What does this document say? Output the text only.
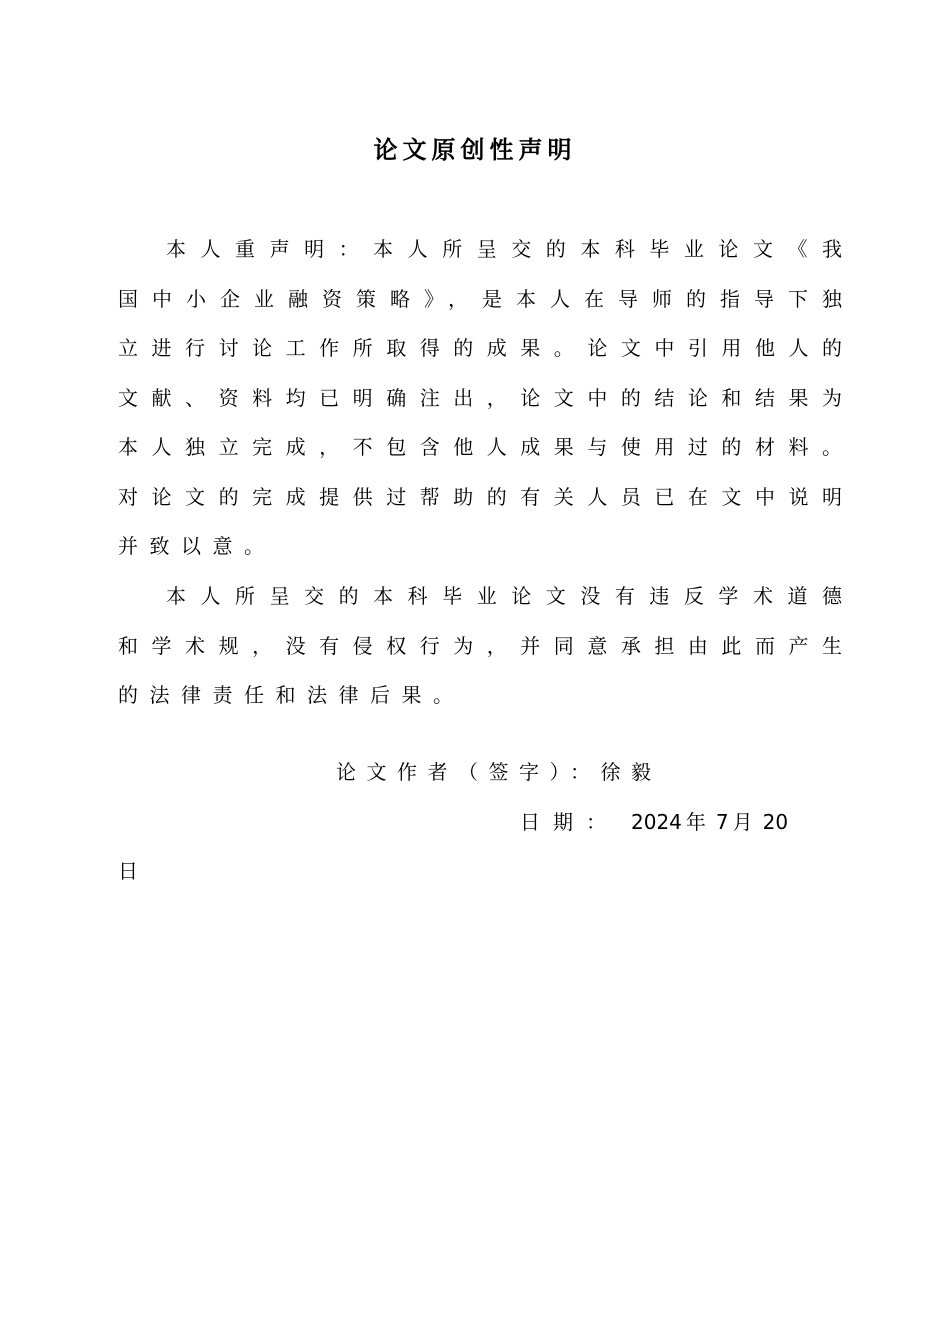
论文原创性声明
本人重声明：本人所呈交的本科毕业论文《我
国中小企业融资策略》，是本人在导师的指导下独
立进行讨论工作所取得的成果。论文中引用他人的
文献、资料均已明确注出，论文中的结论和结果为
本人独立完成，不包含他人成果与使用过的材料。
对论文的完成提供过帮助的有关人员已在文中说明
并致以意。
本人所呈交的本科毕业论文没有违反学术道德
和学术规，没有侵权行为，并同意承担由此而产生
的法律责任和法律后果。
论文作者（签字）：徐毅
日期： 2024 年 7 月 20
日
